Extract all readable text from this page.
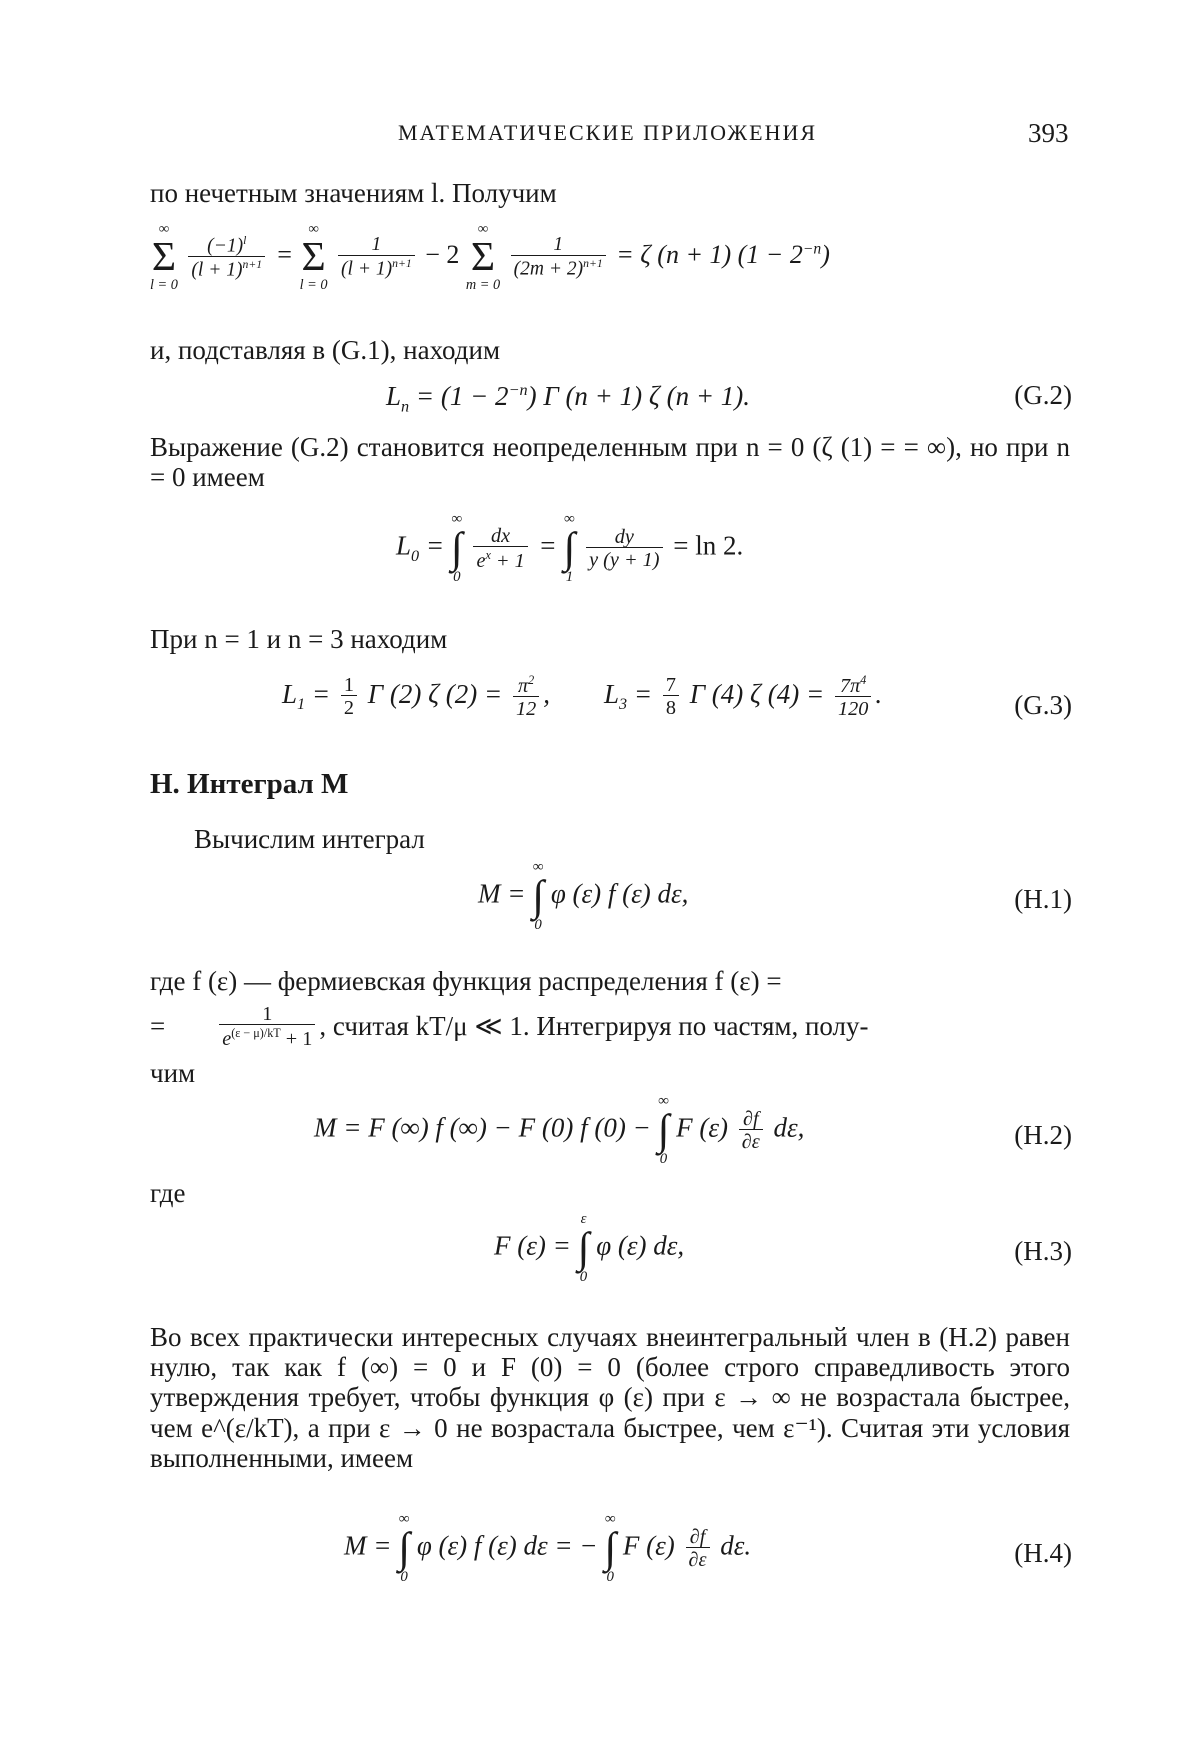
МАТЕМАТИЧЕСКИЕ ПРИЛОЖЕНИЯ	393
по нечетным значениям l. Получим
∞
Σ
l = 0

$\frac{(-1)^l}{(l + 1)^{n+1}}$ =
∞
Σ
l = 0

$\frac{1}{(l + 1)^{n+1}} - 2$
∞
Σ
m = 0

$\frac{1}{(2m + 2)^{n+1}} = \zeta$ (n + 1) $(1 - 2^{-n})$
и, подставляя в (G.1), находим
$L_n = (1 - 2^{-n})$ Γ (n + 1) ζ (n + 1).	(G.2)
Выражение (G.2) становится неопределенным при n = 0 (ζ (1) = = ∞), но при n = 0 имеем
$L_0$ =
∞
∫
0

$\frac{dx}{e^x + 1}$ =
∞
∫
1

$\frac{dy}{y (y + 1)} = \ln 2$.
При n = 1 и n = 3 находим
$L_1 = \frac{1}{2}$ Γ (2) ζ $(2) = \frac{\pi^2}{12}$ ,        $L_3 = \frac{7}{8}$ Γ (4) ζ $(4) = \frac{7\pi^4}{120}$ .	(G.3)
H. Интеграл M
Вычислим интеграл
M =
∞
∫
0
φ (ε) f (ε) dε,	(H.1)
где f (ε) — фермиевская функция распределения f (ε) =
=	$\frac{1}{e^{(\varepsilon - \mu)/kT} + 1}$ , считая kT/μ ≪ 1. Интегрируя по частям, полу-
чим
M = F (∞) f (∞) − F (0) f (0) −
∞
∫
0
F $(\varepsilon) \frac{\partial f}{\partial\varepsilon} d\varepsilon$,	(H.2)
где
F (ε) =
ε
∫
0
φ (ε) dε,	(H.3)
Во всех практически интересных случаях внеинтегральный член в (H.2) равен нулю, так как f (∞) = 0 и F (0) = 0 (более строго справедливость этого утверждения требует, чтобы функция φ (ε) при ε → ∞ не возрастала быстрее, чем e^(ε/kT), а при ε → 0 не возрастала быстрее, чем ε⁻¹). Считая эти условия выполненными, имеем
M =
∞
∫
0
φ (ε) f (ε) dε = −
∞
∫
0
F $(\varepsilon) \frac{\partial f}{\partial\varepsilon} d\varepsilon$.	(H.4)
